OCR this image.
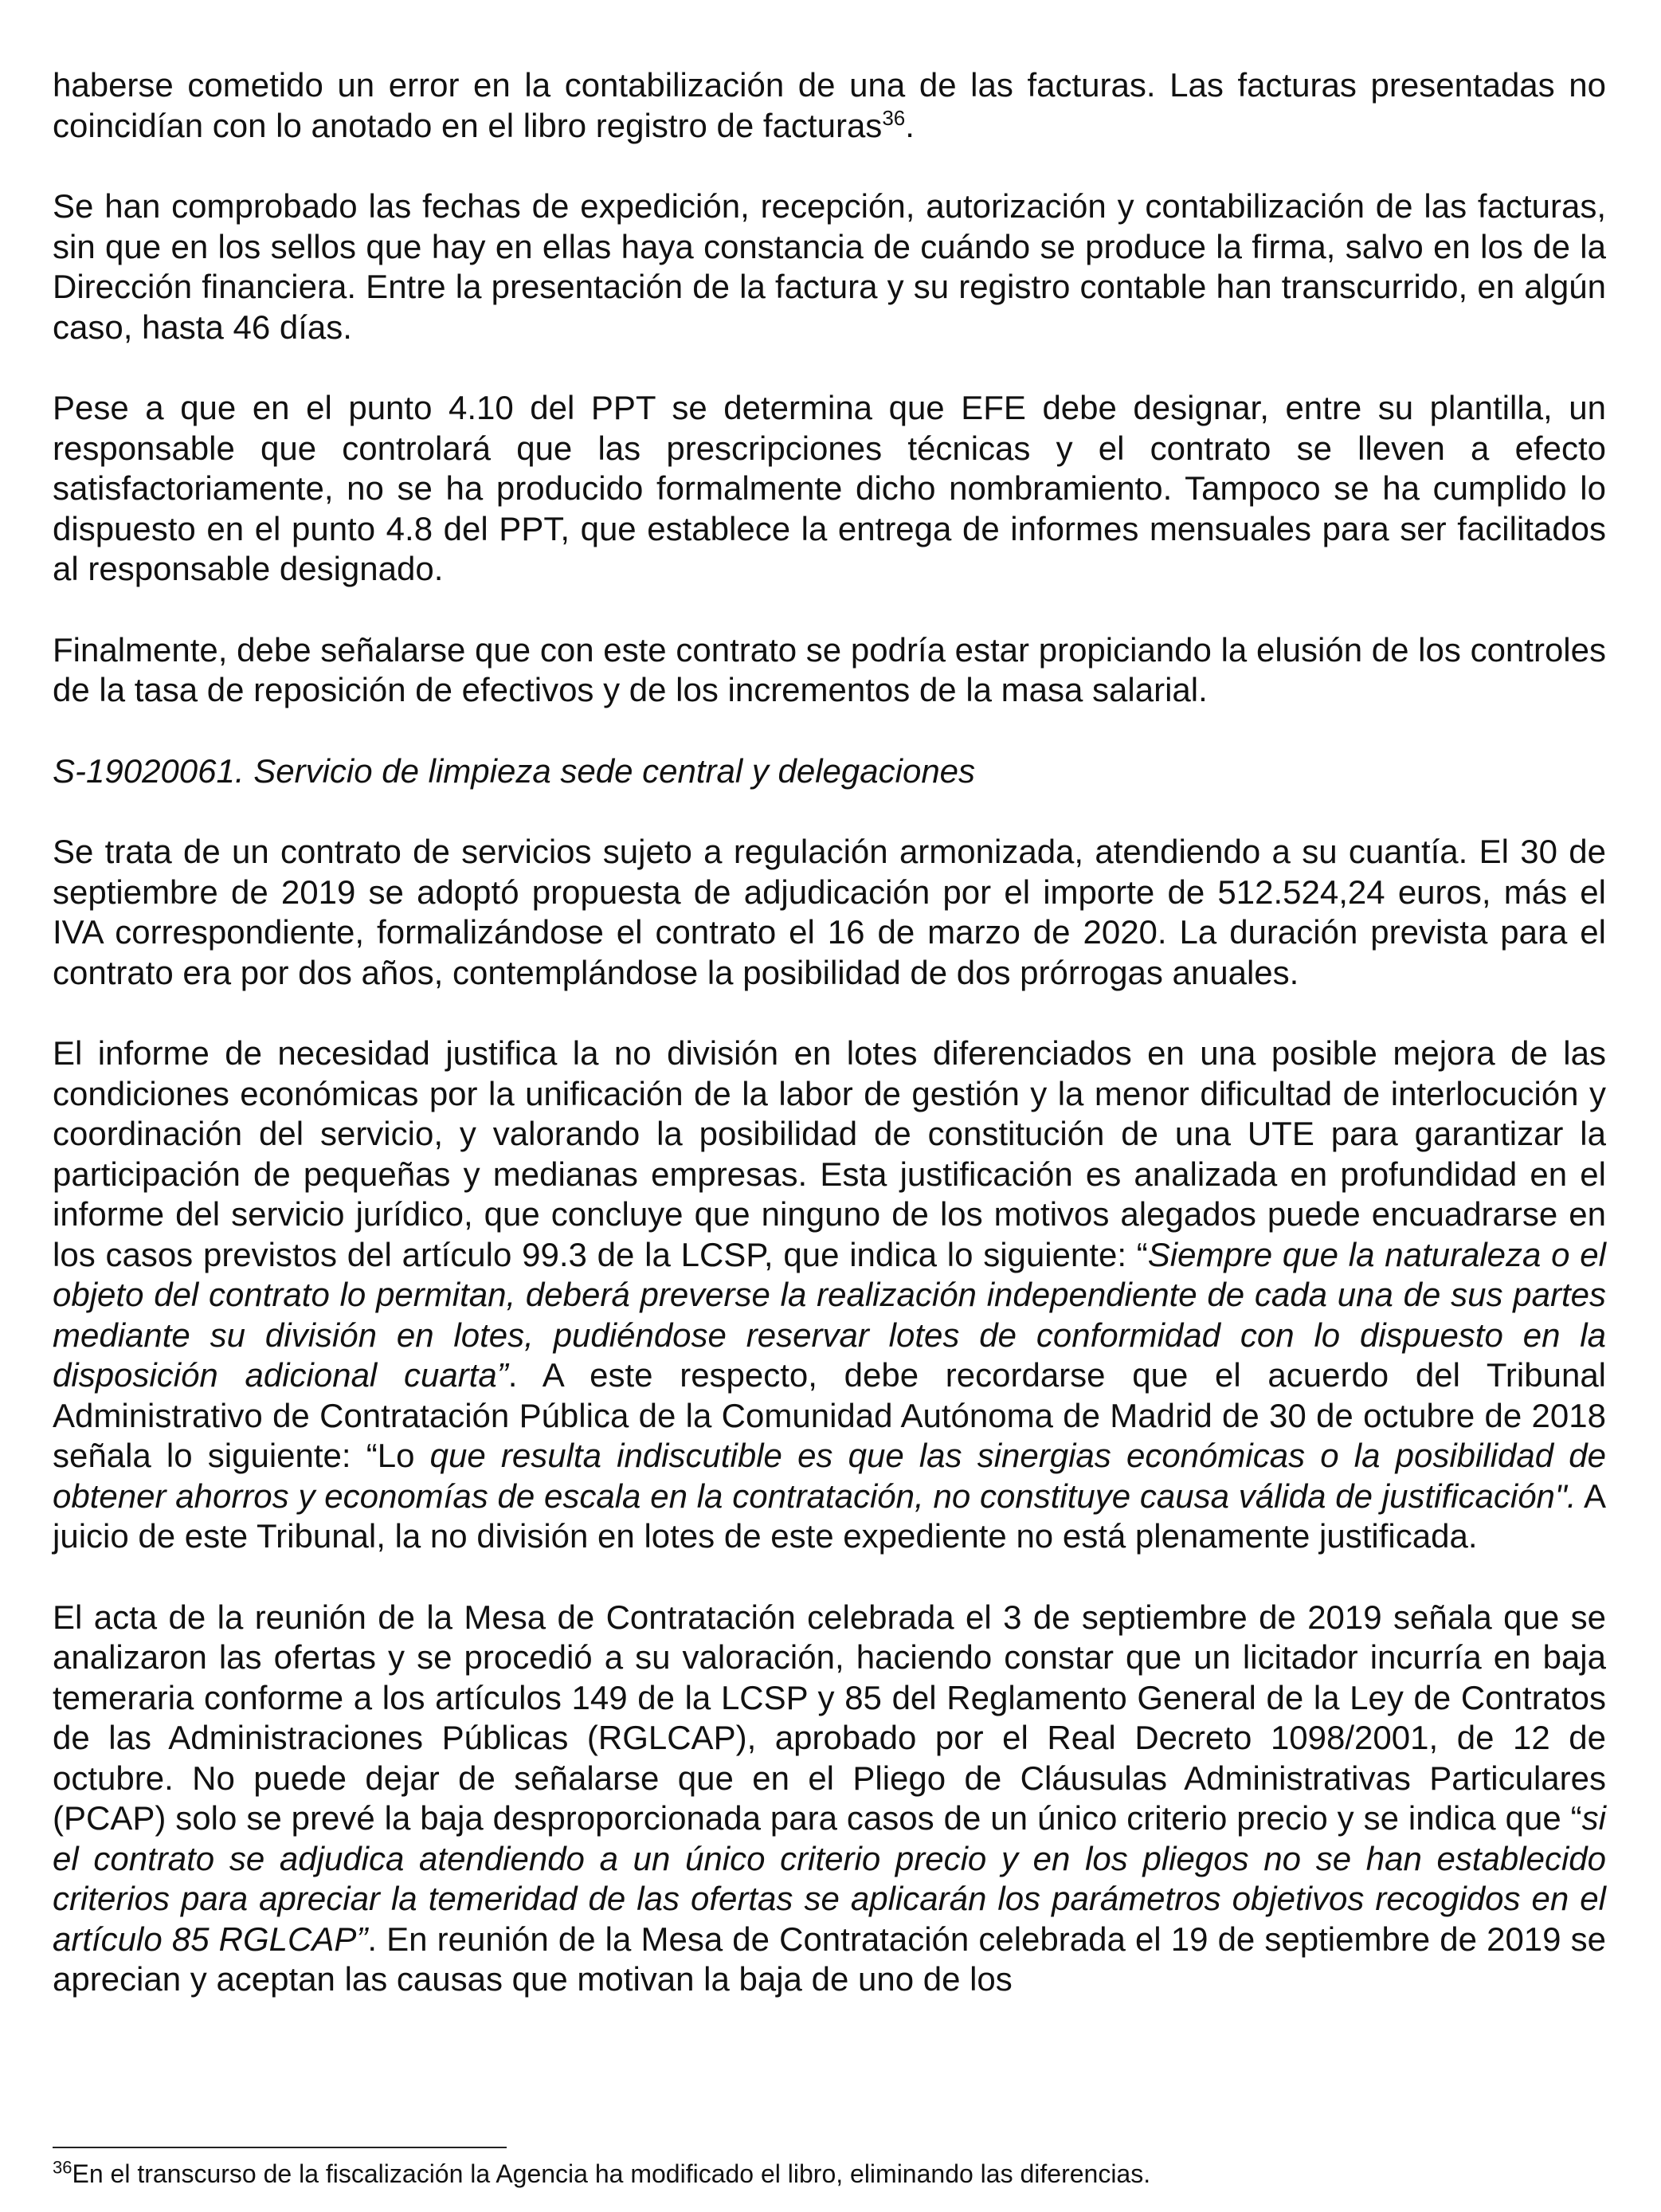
haberse cometido un error en la contabilización de una de las facturas. Las facturas presentadas no coincidían con lo anotado en el libro registro de facturas$^{36}$.

Se han comprobado las fechas de expedición, recepción, autorización y contabilización de las facturas, sin que en los sellos que hay en ellas haya constancia de cuándo se produce la firma, salvo en los de la Dirección financiera. Entre la presentación de la factura y su registro contable han transcurrido, en algún caso, hasta 46 días.

Pese a que en el punto 4.10 del PPT se determina que EFE debe designar, entre su plantilla, un responsable que controlará que las prescripciones técnicas y el contrato se lleven a efecto satisfactoriamente, no se ha producido formalmente dicho nombramiento. Tampoco se ha cumplido lo dispuesto en el punto 4.8 del PPT, que establece la entrega de informes mensuales para ser facilitados al responsable designado.

Finalmente, debe señalarse que con este contrato se podría estar propiciando la elusión de los controles de la tasa de reposición de efectivos y de los incrementos de la masa salarial.

S-19020061. Servicio de limpieza sede central y delegaciones

Se trata de un contrato de servicios sujeto a regulación armonizada, atendiendo a su cuantía. El 30 de septiembre de 2019 se adoptó propuesta de adjudicación por el importe de 512.524,24 euros, más el IVA correspondiente, formalizándose el contrato el 16 de marzo de 2020. La duración prevista para el contrato era por dos años, contemplándose la posibilidad de dos prórrogas anuales.

El informe de necesidad justifica la no división en lotes diferenciados en una posible mejora de las condiciones económicas por la unificación de la labor de gestión y la menor dificultad de interlocución y coordinación del servicio, y valorando la posibilidad de constitución de una UTE para garantizar la participación de pequeñas y medianas empresas. Esta justificación es analizada en profundidad en el informe del servicio jurídico, que concluye que ninguno de los motivos alegados puede encuadrarse en los casos previstos del artículo 99.3 de la LCSP, que indica lo siguiente: “Siempre que la naturaleza o el objeto del contrato lo permitan, deberá preverse la realización independiente de cada una de sus partes mediante su división en lotes, pudiéndose reservar lotes de conformidad con lo dispuesto en la disposición adicional cuarta”. A este respecto, debe recordarse que el acuerdo del Tribunal Administrativo de Contratación Pública de la Comunidad Autónoma de Madrid de 30 de octubre de 2018 señala lo siguiente: “Lo que resulta indiscutible es que las sinergias económicas o la posibilidad de obtener ahorros y economías de escala en la contratación, no constituye causa válida de justificación". A juicio de este Tribunal, la no división en lotes de este expediente no está plenamente justificada.

El acta de la reunión de la Mesa de Contratación celebrada el 3 de septiembre de 2019 señala que se analizaron las ofertas y se procedió a su valoración, haciendo constar que un licitador incurría en baja temeraria conforme a los artículos 149 de la LCSP y 85 del Reglamento General de la Ley de Contratos de las Administraciones Públicas (RGLCAP), aprobado por el Real Decreto 1098/2001, de 12 de octubre. No puede dejar de señalarse que en el Pliego de Cláusulas Administrativas Particulares (PCAP) solo se prevé la baja desproporcionada para casos de un único criterio precio y se indica que “si el contrato se adjudica atendiendo a un único criterio precio y en los pliegos no se han establecido criterios para apreciar la temeridad de las ofertas se aplicarán los parámetros objetivos recogidos en el artículo 85 RGLCAP”. En reunión de la Mesa de Contratación celebrada el 19 de septiembre de 2019 se aprecian y aceptan las causas que motivan la baja de uno de los

$^{36}$En el transcurso de la fiscalización la Agencia ha modificado el libro, eliminando las diferencias.
